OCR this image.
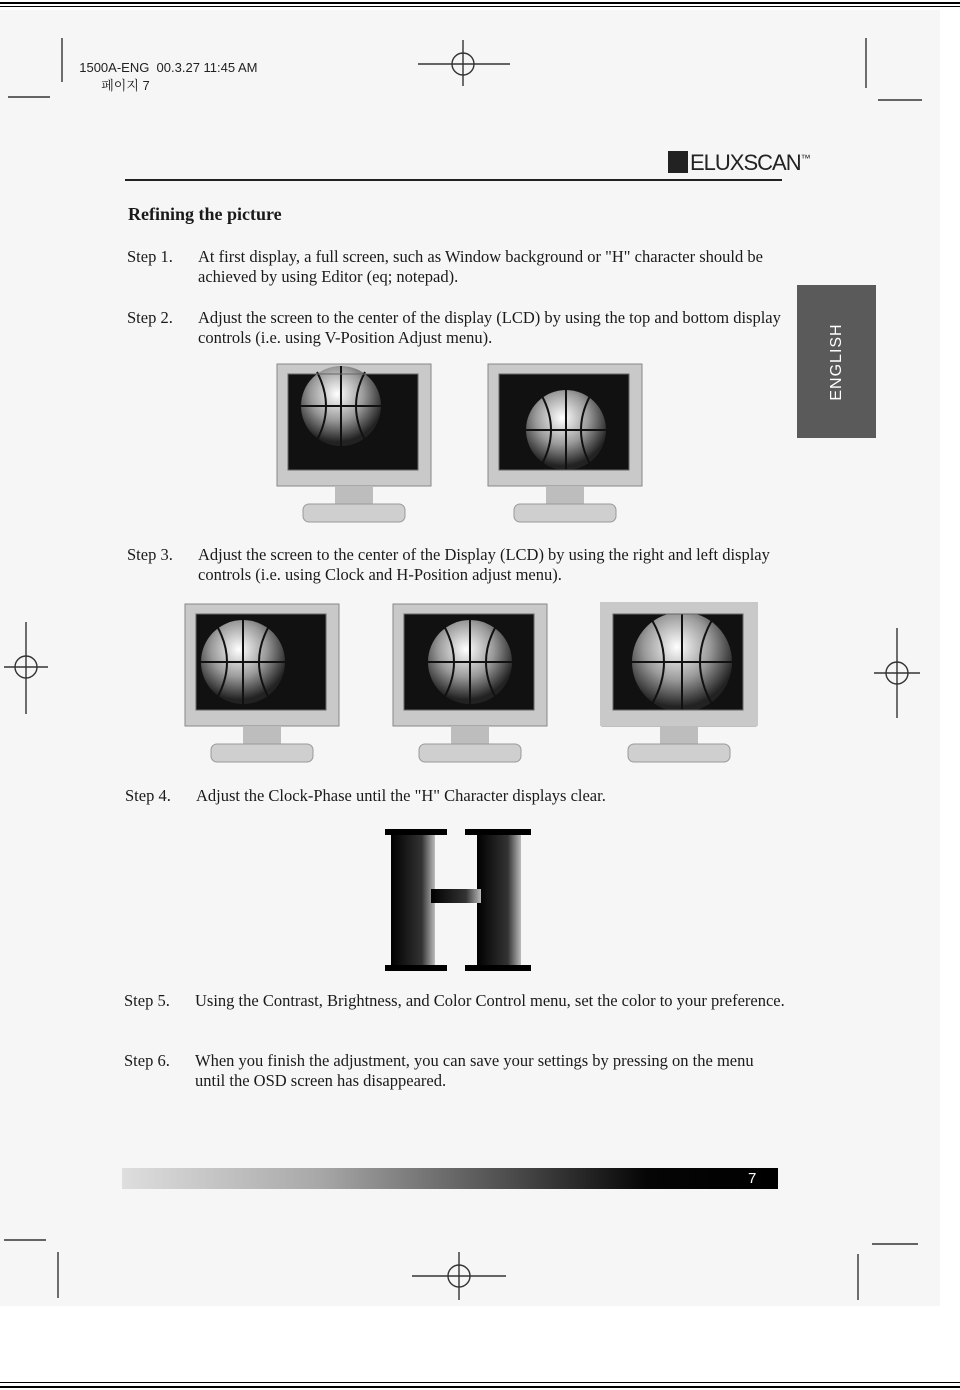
1500A-ENG  00.3.27 11:45 AM
페이지 7

ELUXSCAN™
ENGLISH
Refining the picture
Step 1. At first display, a full screen, such as Window background or "H" character should be achieved by using Editor (eq; notepad).
Step 2. Adjust the screen to the center of the display (LCD) by using the top and bottom display controls (i.e. using V-Position Adjust menu).
Step 3. Adjust the screen to the center of the Display (LCD) by using the right and left display controls (i.e. using Clock and H-Position adjust menu).
Step 4. Adjust the Clock-Phase until the "H" Character displays clear.
Step 5. Using the Contrast, Brightness, and Color Control menu, set the color to your preference.
Step 6. When you finish the adjustment, you can save your settings by pressing on the menu until the OSD screen has disappeared.
7
